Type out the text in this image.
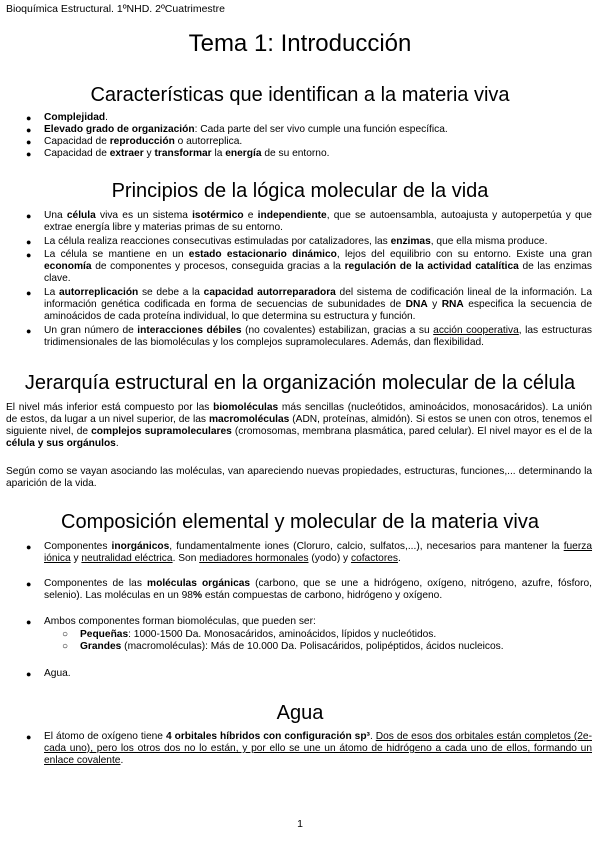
Bioquímica Estructural. 1ºNHD. 2ºCuatrimestre
Tema 1: Introducción
Características que identifican a la materia viva
● Complejidad.
● Elevado grado de organización: Cada parte del ser vivo cumple una función específica.
● Capacidad de reproducción o autorreplica.
● Capacidad de extraer y transformar la energía de su entorno.
Principios de la lógica molecular de la vida
● Una célula viva es un sistema isotérmico e independiente, que se autoensambla, autoajusta y autoperpetúa y que extrae energía libre y materias primas de su entorno.
● La célula realiza reacciones consecutivas estimuladas por catalizadores, las enzimas, que ella misma produce.
● La célula se mantiene en un estado estacionario dinámico, lejos del equilibrio con su entorno. Existe una gran economía de componentes y procesos, conseguida gracias a la regulación de la actividad catalítica de las enzimas clave.
● La autorreplicación se debe a la capacidad autorreparadora del sistema de codificación lineal de la información. La información genética codificada en forma de secuencias de subunidades de DNA y RNA especifica la secuencia de aminoácidos de cada proteína individual, lo que determina su estructura y función.
● Un gran número de interacciones débiles (no covalentes) estabilizan, gracias a su acción cooperativa, las estructuras tridimensionales de las biomoléculas y los complejos supramoleculares. Además, dan flexibilidad.
Jerarquía estructural en la organización molecular de la célula
El nivel más inferior está compuesto por las biomoléculas más sencillas (nucleótidos, aminoácidos, monosacáridos). La unión de estos, da lugar a un nivel superior, de las macromoléculas (ADN, proteínas, almidón). Si estos se unen con otros, tenemos el siguiente nivel, de complejos supramoleculares (cromosomas, membrana plasmática, pared celular). El nivel mayor es el de la célula y sus orgánulos.
Según como se vayan asociando las moléculas, van apareciendo nuevas propiedades, estructuras, funciones,... determinando la aparición de la vida.
Composición elemental y molecular de la materia viva
● Componentes inorgánicos, fundamentalmente iones (Cloruro, calcio, sulfatos,...), necesarios para mantener la fuerza iónica y neutralidad eléctrica. Son mediadores hormonales (yodo) y cofactores.
● Componentes de las moléculas orgánicas (carbono, que se une a hidrógeno, oxígeno, nitrógeno, azufre, fósforo, selenio). Las moléculas en un 98% están compuestas de carbono, hidrógeno y oxígeno.
● Ambos componentes forman biomoléculas, que pueden ser:
○ Pequeñas: 1000-1500 Da. Monosacáridos, aminoácidos, lípidos y nucleótidos.
○ Grandes (macromoléculas): Más de 10.000 Da. Polisacáridos, polipéptidos, ácidos nucleicos.
● Agua.
Agua
● El átomo de oxígeno tiene 4 orbitales híbridos con configuración sp³. Dos de esos dos orbitales están completos (2e- cada uno), pero los otros dos no lo están, y por ello se une un átomo de hidrógeno a cada uno de ellos, formando un enlace covalente.
1
